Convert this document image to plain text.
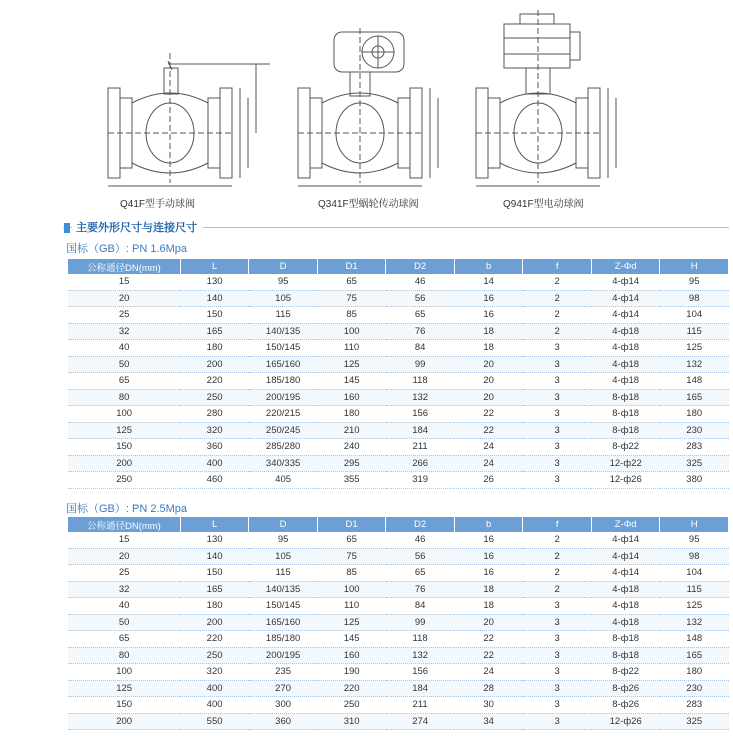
Q41F型手动球阀	Q341F型蜗轮传动球阀	Q941F型电动球阀
主要外形尺寸与连接尺寸
国标（GB）: PN 1.6Mpa
公称通径DN(mm)	L	D	D1	D2	b	f	Z-Φd	H
15	130	95	65	46	14	2	4-ф14	95
20	140	105	75	56	16	2	4-ф14	98
25	150	115	85	65	16	2	4-ф14	104
32	165	140/135	100	76	18	2	4-ф18	115
40	180	150/145	110	84	18	3	4-ф18	125
50	200	165/160	125	99	20	3	4-ф18	132
65	220	185/180	145	118	20	3	4-ф18	148
80	250	200/195	160	132	20	3	8-ф18	165
100	280	220/215	180	156	22	3	8-ф18	180
125	320	250/245	210	184	22	3	8-ф18	230
150	360	285/280	240	211	24	3	8-ф22	283
200	400	340/335	295	266	24	3	12-ф22	325
250	460	405	355	319	26	3	12-ф26	380
国标（GB）: PN 2.5Mpa
公称通径DN(mm)	L	D	D1	D2	b	f	Z-Φd	H
15	130	95	65	46	16	2	4-ф14	95
20	140	105	75	56	16	2	4-ф14	98
25	150	115	85	65	16	2	4-ф14	104
32	165	140/135	100	76	18	2	4-ф18	115
40	180	150/145	110	84	18	3	4-ф18	125
50	200	165/160	125	99	20	3	4-ф18	132
65	220	185/180	145	118	22	3	8-ф18	148
80	250	200/195	160	132	22	3	8-ф18	165
100	320	235	190	156	24	3	8-ф22	180
125	400	270	220	184	28	3	8-ф26	230
150	400	300	250	211	30	3	8-ф26	283
200	550	360	310	274	34	3	12-ф26	325
